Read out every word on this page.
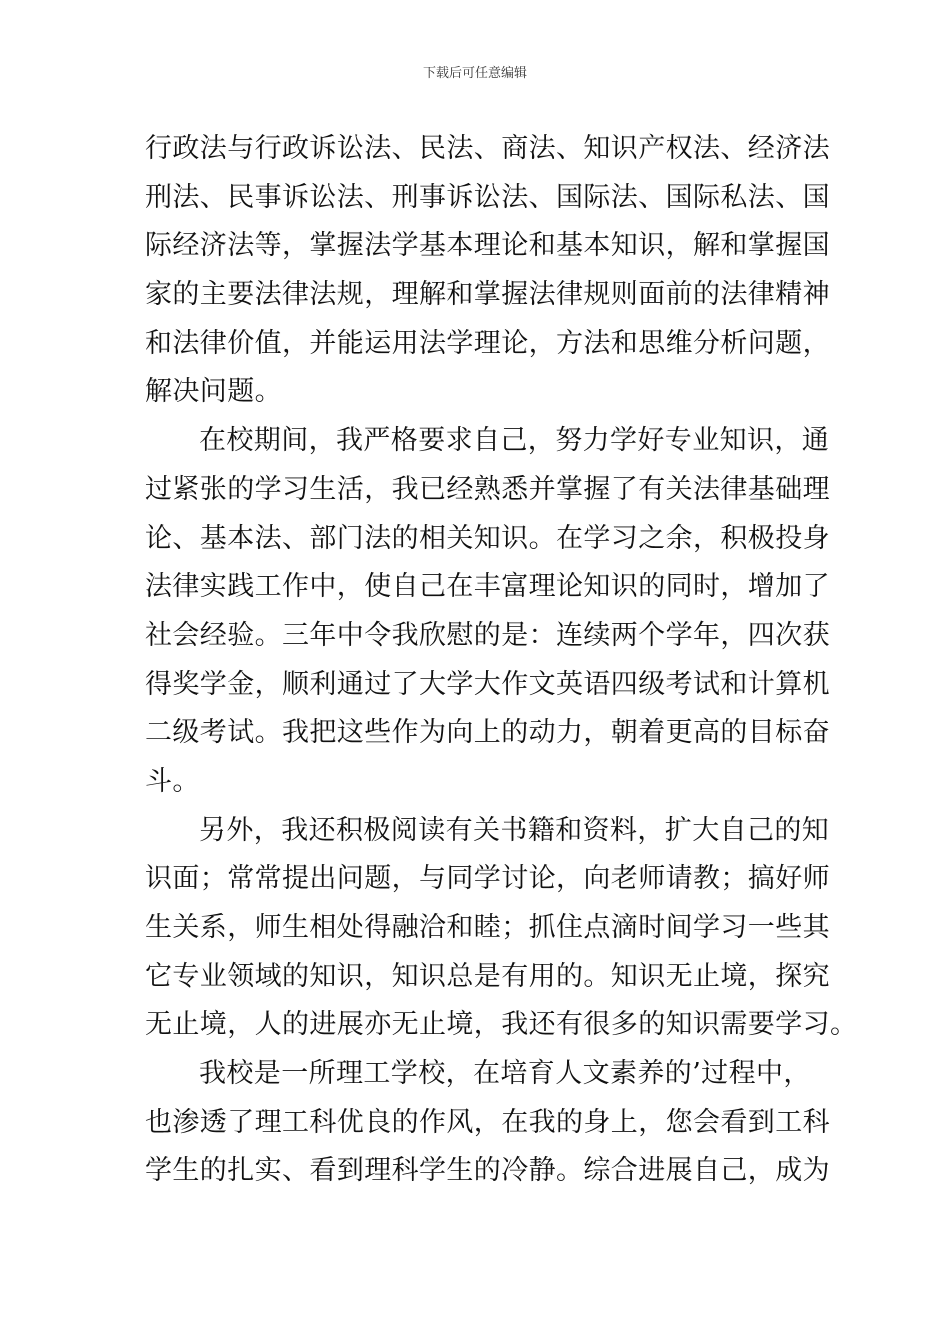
下载后可任意编辑
行政法与行政诉讼法、民法、商法、知识产权法、经济法
刑法、民事诉讼法、刑事诉讼法、国际法、国际私法、国
际经济法等，掌握法学基本理论和基本知识，解和掌握国
家的主要法律法规，理解和掌握法律规则面前的法律精神
和法律价值，并能运用法学理论，方法和思维分析问题，
解决问题。
在校期间，我严格要求自己，努力学好专业知识，通
过紧张的学习生活，我已经熟悉并掌握了有关法律基础理
论、基本法、部门法的相关知识。在学习之余，积极投身
法律实践工作中，使自己在丰富理论知识的同时，增加了
社会经验。三年中令我欣慰的是：连续两个学年，四次获
得奖学金，顺利通过了大学大作文英语四级考试和计算机
二级考试。我把这些作为向上的动力，朝着更高的目标奋
斗。
另外，我还积极阅读有关书籍和资料，扩大自己的知
识面；常常提出问题，与同学讨论，向老师请教；搞好师
生关系，师生相处得融洽和睦；抓住点滴时间学习一些其
它专业领域的知识，知识总是有用的。知识无止境，探究
无止境，人的进展亦无止境，我还有很多的知识需要学习。
我校是一所理工学校，在培育人文素养的’过程中，
也渗透了理工科优良的作风，在我的身上，您会看到工科
学生的扎实、看到理科学生的冷静。综合进展自己，成为
